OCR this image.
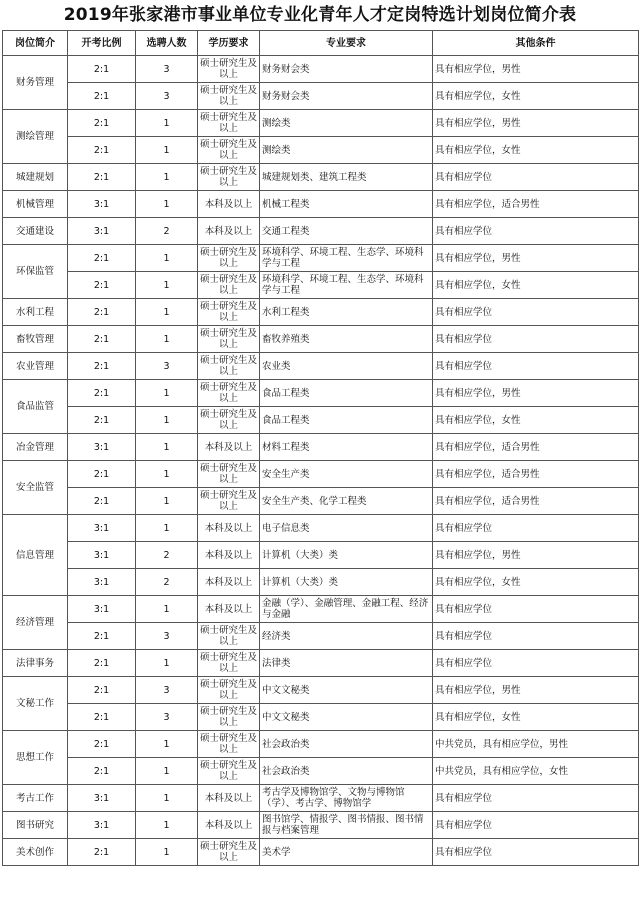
2019年张家港市事业单位专业化青年人才定岗特选计划岗位简介表
岗位简介	开考比例	选聘人数	学历要求	专业要求	其他条件
财务管理	2:1	3	硕士研究生及以上	财务财会类	具有相应学位，男性
	2:1	3	硕士研究生及以上	财务财会类	具有相应学位，女性
测绘管理	2:1	1	硕士研究生及以上	测绘类	具有相应学位，男性
	2:1	1	硕士研究生及以上	测绘类	具有相应学位，女性
城建规划	2:1	1	硕士研究生及以上	城建规划类、建筑工程类	具有相应学位
机械管理	3:1	1	本科及以上	机械工程类	具有相应学位，适合男性
交通建设	3:1	2	本科及以上	交通工程类	具有相应学位
环保监管	2:1	1	硕士研究生及以上	环境科学、环境工程、生态学、环境科学与工程	具有相应学位，男性
	2:1	1	硕士研究生及以上	环境科学、环境工程、生态学、环境科学与工程	具有相应学位，女性
水利工程	2:1	1	硕士研究生及以上	水利工程类	具有相应学位
畜牧管理	2:1	1	硕士研究生及以上	畜牧养殖类	具有相应学位
农业管理	2:1	3	硕士研究生及以上	农业类	具有相应学位
食品监管	2:1	1	硕士研究生及以上	食品工程类	具有相应学位，男性
	2:1	1	硕士研究生及以上	食品工程类	具有相应学位，女性
冶金管理	3:1	1	本科及以上	材料工程类	具有相应学位，适合男性
安全监管	2:1	1	硕士研究生及以上	安全生产类	具有相应学位，适合男性
	2:1	1	硕士研究生及以上	安全生产类、化学工程类	具有相应学位，适合男性
信息管理	3:1	1	本科及以上	电子信息类	具有相应学位
	3:1	2	本科及以上	计算机（大类）类	具有相应学位，男性
	3:1	2	本科及以上	计算机（大类）类	具有相应学位，女性
经济管理	3:1	1	本科及以上	金融（学）、金融管理、金融工程、经济与金融	具有相应学位
	2:1	3	硕士研究生及以上	经济类	具有相应学位
法律事务	2:1	1	硕士研究生及以上	法律类	具有相应学位
文秘工作	2:1	3	硕士研究生及以上	中文文秘类	具有相应学位，男性
	2:1	3	硕士研究生及以上	中文文秘类	具有相应学位，女性
思想工作	2:1	1	硕士研究生及以上	社会政治类	中共党员，具有相应学位，男性
	2:1	1	硕士研究生及以上	社会政治类	中共党员，具有相应学位，女性
考古工作	3:1	1	本科及以上	考古学及博物馆学、文物与博物馆（学）、考古学、博物馆学	具有相应学位
图书研究	3:1	1	本科及以上	图书馆学、情报学、图书情报、图书情报与档案管理	具有相应学位
美术创作	2:1	1	硕士研究生及以上	美术学	具有相应学位
